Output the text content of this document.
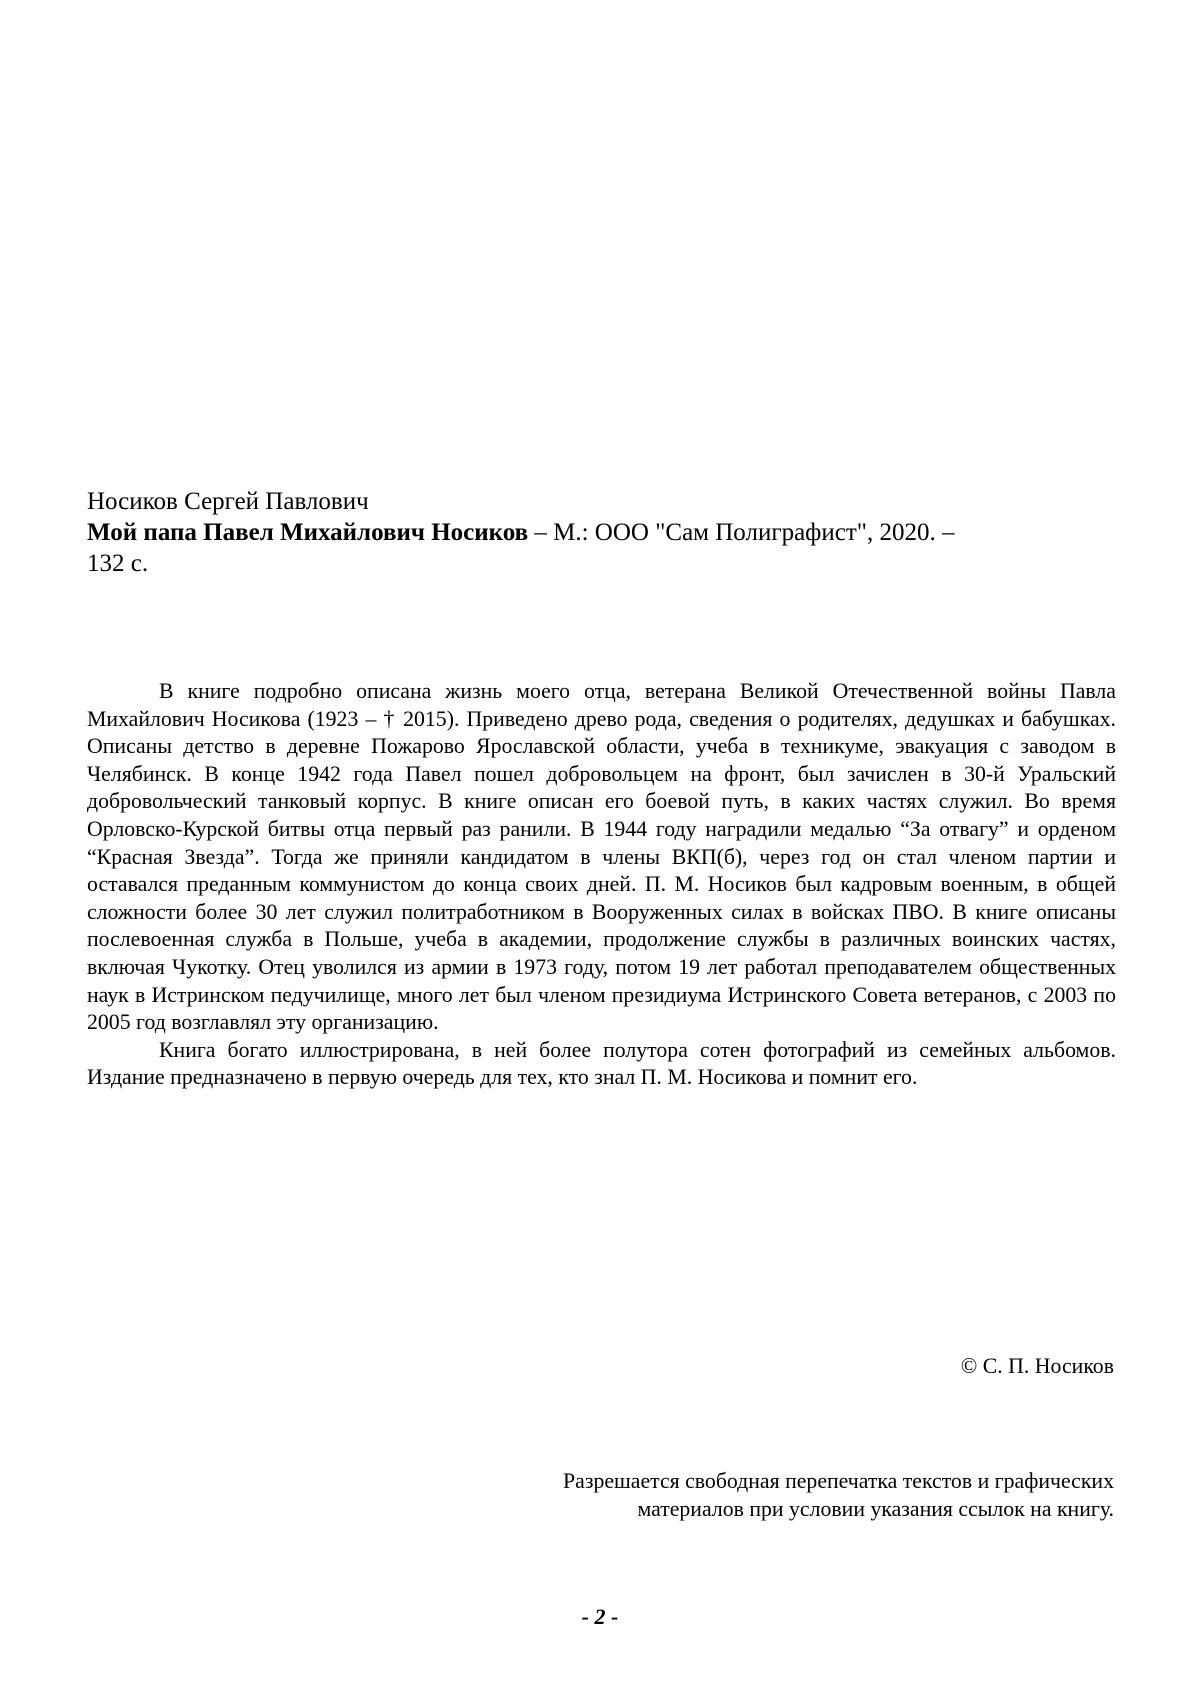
Носиков Сергей Павлович
Мой папа Павел Михайлович Носиков – М.: ООО "Сам Полиграфист", 2020. –
132 с.

В книге подробно описана жизнь моего отца, ветерана Великой Отечественной войны Павла Михайлович Носикова (1923 – † 2015). Приведено древо рода, сведения о родителях, дедушках и бабушках. Описаны детство в деревне Пожарово Ярославской области, учеба в техникуме, эвакуация с заводом в Челябинск. В конце 1942 года Павел пошел добровольцем на фронт, был зачислен в 30-й Уральский добровольческий танковый корпус. В книге описан его боевой путь, в каких частях служил. Во время Орловско-Курской битвы отца первый раз ранили. В 1944 году наградили медалью “За отвагу” и орденом “Красная Звезда”. Тогда же приняли кандидатом в члены ВКП(б), через год он стал членом партии и оставался преданным коммунистом до конца своих дней. П. М. Носиков был кадровым военным, в общей сложности более 30 лет служил политработником в Вооруженных силах в войсках ПВО. В книге описаны послевоенная служба в Польше, учеба в академии, продолжение службы в различных воинских частях, включая Чукотку. Отец уволился из армии в 1973 году, потом 19 лет работал преподавателем общественных наук в Истринском педучилище, много лет был членом президиума Истринского Совета ветеранов, с 2003 по 2005 год возглавлял эту организацию.

Книга богато иллюстрирована, в ней более полутора сотен фотографий из семейных альбомов. Издание предназначено в первую очередь для тех, кто знал П. М. Носикова и помнит его.

© С. П. Носиков
Разрешается свободная перепечатка текстов и графических
материалов при условии указания ссылок на книгу.
- 2 -
